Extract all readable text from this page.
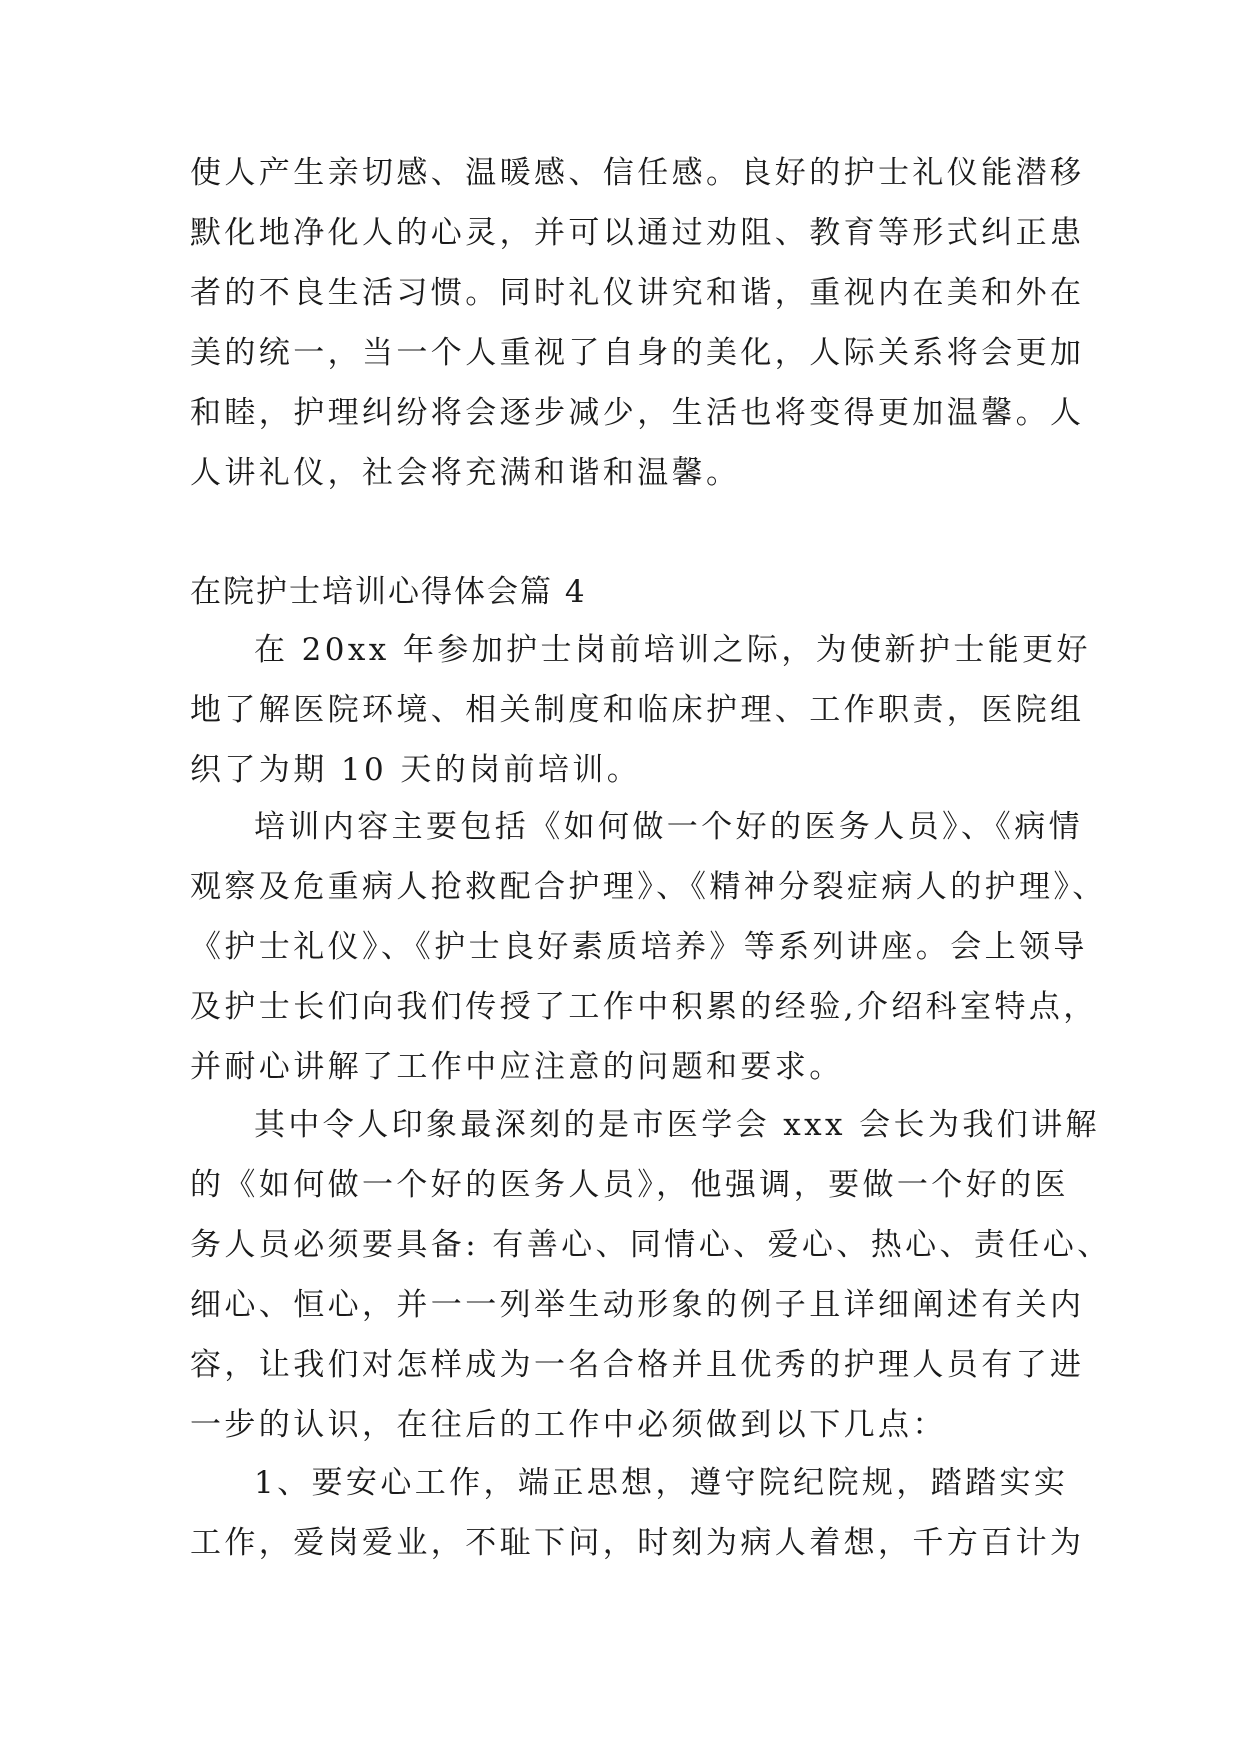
使人产生亲切感、温暖感、信任感。良好的护士礼仪能潜移
默化地净化人的心灵，并可以通过劝阻、教育等形式纠正患
者的不良生活习惯。同时礼仪讲究和谐，重视内在美和外在
美的统一，当一个人重视了自身的美化，人际关系将会更加
和睦，护理纠纷将会逐步减少，生活也将变得更加温馨。人
人讲礼仪，社会将充满和谐和温馨。
在院护士培训心得体会篇 4
在 20xx 年参加护士岗前培训之际，为使新护士能更好
地了解医院环境、相关制度和临床护理、工作职责，医院组
织了为期 10 天的岗前培训。
培训内容主要包括《如何做一个好的医务人员》、《病情
观察及危重病人抢救配合护理》、《精神分裂症病人的护理》、
《护士礼仪》、《护士良好素质培养》等系列讲座。会上领导
及护士长们向我们传授了工作中积累的经验,介绍科室特点，
并耐心讲解了工作中应注意的问题和要求。
其中令人印象最深刻的是市医学会 xxx 会长为我们讲解
的《如何做一个好的医务人员》，他强调，要做一个好的医
务人员必须要具备: 有善心、同情心、爱心、热心、责任心、
细心、恒心，并一一列举生动形象的例子且详细阐述有关内
容，让我们对怎样成为一名合格并且优秀的护理人员有了进
一步的认识，在往后的工作中必须做到以下几点：
1、要安心工作，端正思想，遵守院纪院规，踏踏实实
工作，爱岗爱业，不耻下问，时刻为病人着想，千方百计为
